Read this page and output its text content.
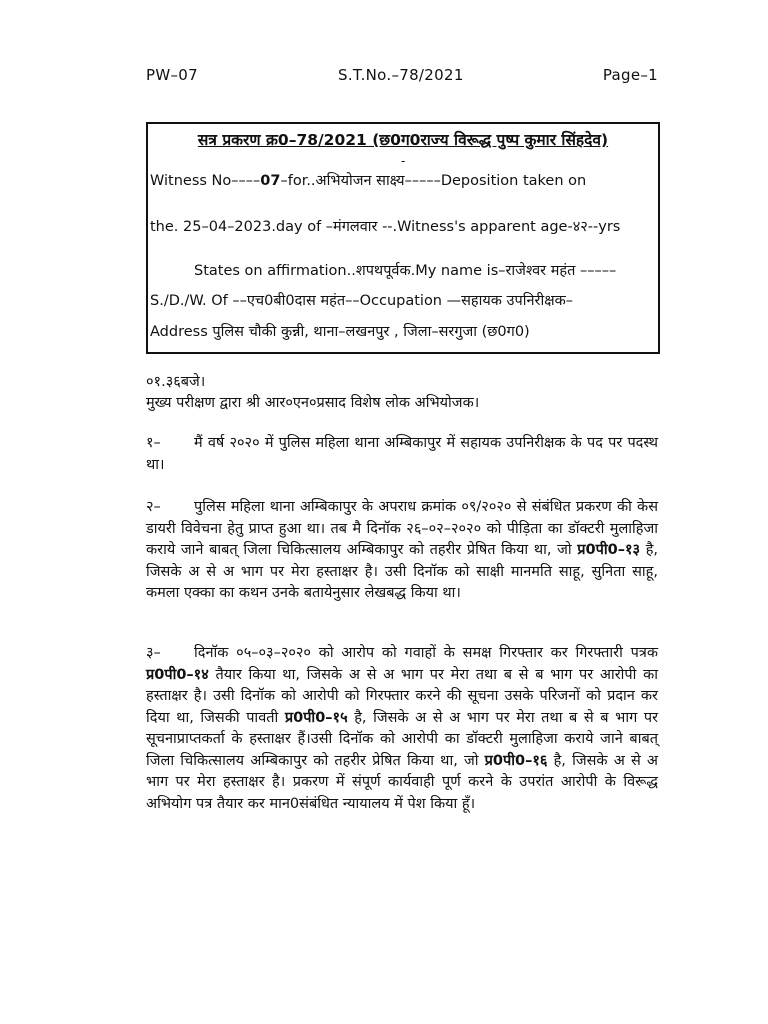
PW–07	S.T.No.–78/2021	Page–1
सत्र प्रकरण क्र0–78/2021 (छ0ग0राज्य विरूद्ध पुष्प कुमार सिंहदेव)
-
Witness No––––07–for..अभियोजन साक्ष्य–––––Deposition taken on
the. 25–04–2023.day of –मंगलवार --.Witness's apparent age-४२--yrs
States on affirmation..शपथपूर्वक.My name is–राजेश्वर महंत –––––
S./D./W. Of ––एच0बी0दास महंत––Occupation —सहायक उपनिरीक्षक–
Address पुलिस चौकी कुन्नी, थाना–लखनपुर , जिला–सरगुजा (छ0ग0)
०१.३६बजे।
मुख्य परीक्षण द्वारा श्री आर०एन०प्रसाद विशेष लोक अभियोजक।
१– मैं वर्ष २०२० में पुलिस महिला थाना अम्बिकापुर में सहायक उपनिरीक्षक के पद पर पदस्थ था।
२– पुलिस महिला थाना अम्बिकापुर के अपराध क्रमांक ०९/२०२० से संबंधित प्रकरण की केस डायरी विवेचना हेतु प्राप्त हुआ था। तब मै दिनॉक २६–०२–२०२० को पीड़िता का डॉक्टरी मुलाहिजा कराये जाने बाबत् जिला चिकित्सालय अम्बिकापुर को तहरीर प्रेषित किया था, जो प्र0पी0–१३ है, जिसके अ से अ भाग पर मेरा हस्ताक्षर है। उसी दिनॉक को साक्षी मानमति साहू, सुनिता साहू, कमला एक्का का कथन उनके बतायेनुसार लेखबद्ध किया था।
३– दिनॉक ०५–०३–२०२० को आरोप को गवाहों के समक्ष गिरफ्तार कर गिरफ्तारी पत्रक प्र0पी0–१४ तैयार किया था, जिसके अ से अ भाग पर मेरा तथा ब से ब भाग पर आरोपी का हस्ताक्षर है। उसी दिनॉक को आरोपी को गिरफ्तार करने की सूचना उसके परिजनों को प्रदान कर दिया था, जिसकी पावती प्र0पी0–१५ है, जिसके अ से अ भाग पर मेरा तथा ब से ब भाग पर सूचनाप्राप्तकर्ता के हस्ताक्षर हैं।उसी दिनॉक को आरोपी का डॉक्टरी मुलाहिजा कराये जाने बाबत् जिला चिकित्सालय अम्बिकापुर को तहरीर प्रेषित किया था, जो प्र0पी0–१६ है, जिसके अ से अ भाग पर मेरा हस्ताक्षर है। प्रकरण में संपूर्ण कार्यवाही पूर्ण करने के उपरांत आरोपी के विरूद्ध अभियोग पत्र तैयार कर मान0संबंधित न्यायालय में पेश किया हूँ।
